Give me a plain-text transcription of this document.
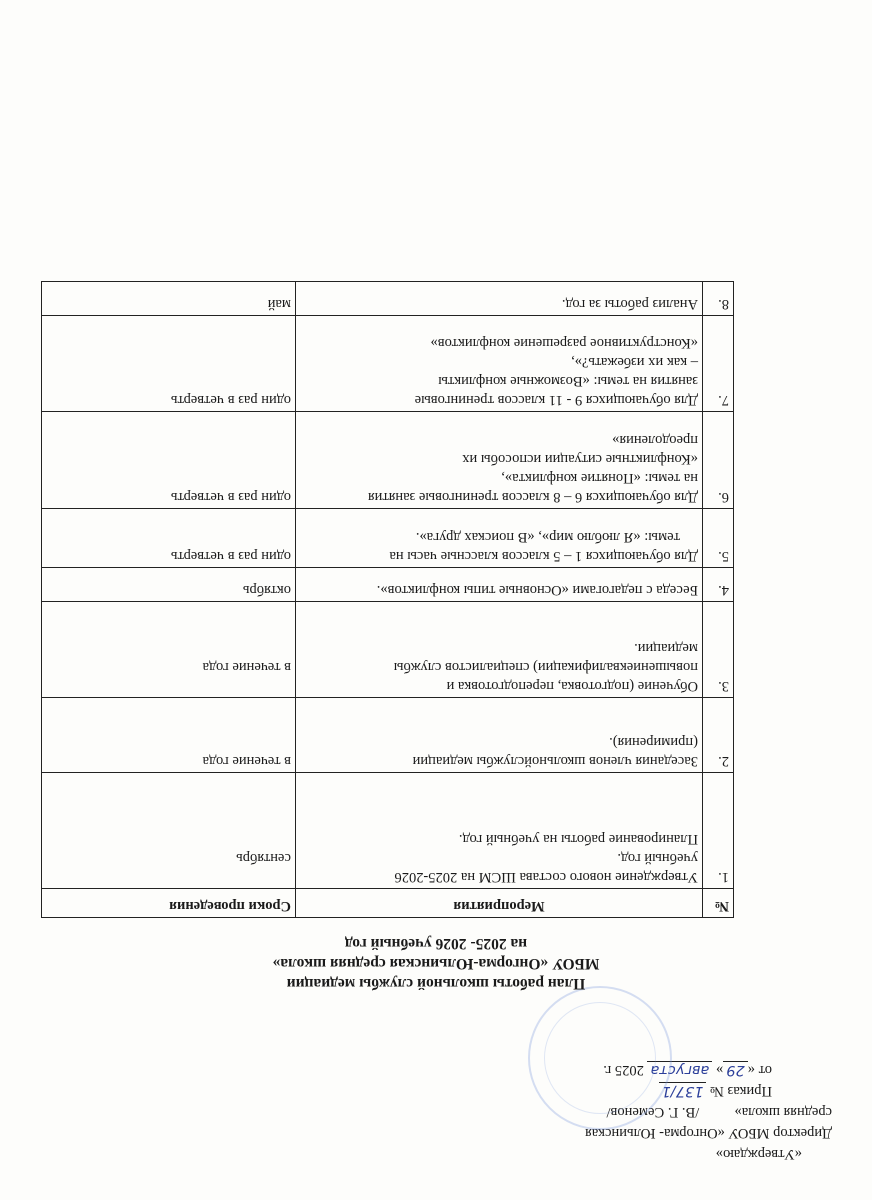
«Утверждаю»
Директор МБОУ «Онгорма- Юльинская
средняя школа»  /В. Г. Семенов/
Приказ № 137/1
от «29» августа 2025 г.
План работы школьной службы медиации
МБОУ «Онгорма-Юльинская средняя школа»
на 2025- 2026 учебный год
№	Мероприятия	Сроки проведения
1.	Утверждение нового состава ШСМ на 2025-2026
учебный год.
Планирование работы на учебный год.	сентябрь

2.	Заседания членов школьнойслужбы медиации
(примирения).	в течение года
3.	Обучение (подготовка, переподготовка и
повышениеквалификации) специалистов службы
медиации.	в течение года

4.	Беседа с педагогами «Основные типы конфликтов».	октябрь
5.	Для обучающихся 1 – 5 классов классные часы на
темы: «Я люблю мир», «В поисках друга».	один раз в четверть
6.	Для обучающихся 6 – 8 классов тренинговые занятия
на темы: «Понятие конфликта»,
«Конфликтные ситуации испособы их
преодоления»	один раз в четверть
7.	Для обучающихся 9 - 11 классов тренинговые
занятия на темы: «Возможные конфликты
– как их избежать?»,
«Конструктивное разрешение конфликтов»	один раз в четверть
8.	Анализ работы за год.	май
